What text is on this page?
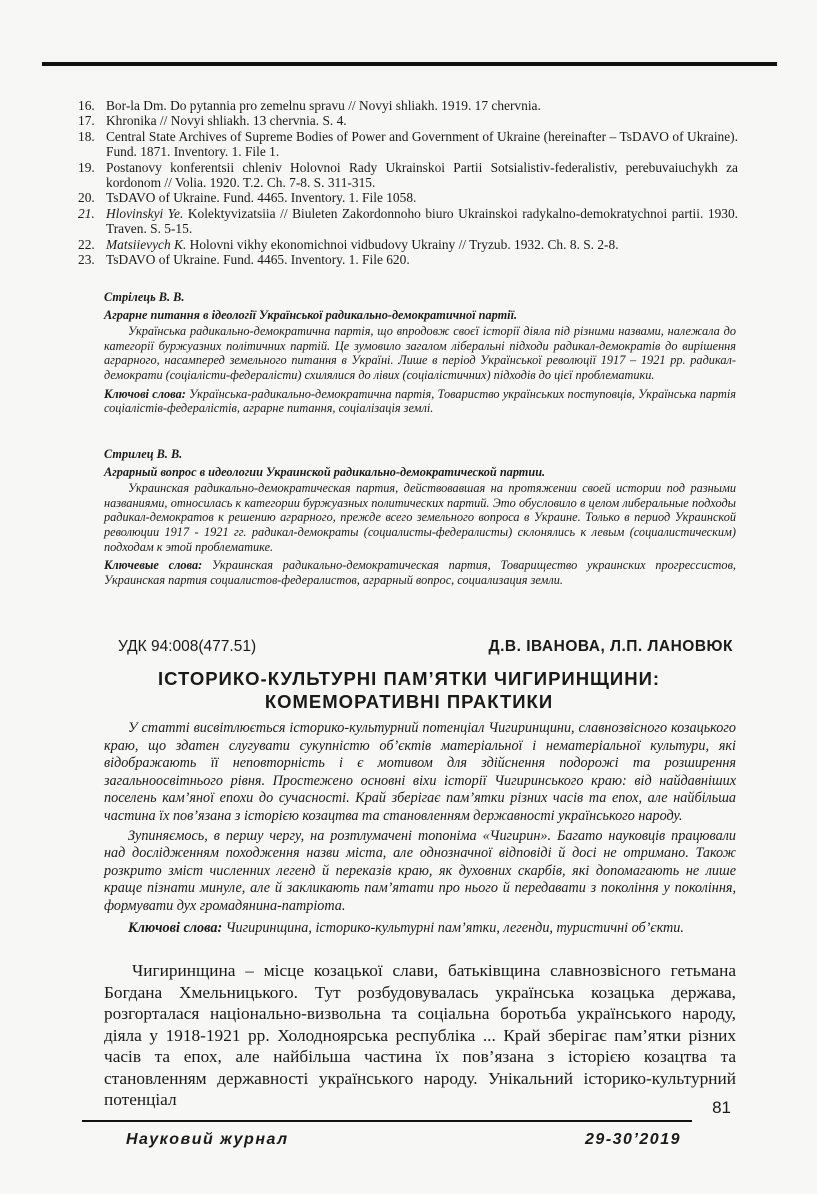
16. Bor-la Dm. Do pytannia pro zemelnu spravu // Novyi shliakh. 1919. 17 chervnia.
17. Khronika // Novyi shliakh. 13 chervnia. S. 4.
18. Central State Archives of Supreme Bodies of Power and Government of Ukraine (hereinafter – TsDAVO of Ukraine). Fund. 1871. Inventory. 1. File 1.
19. Postanovy konferentsii chleniv Holovnoi Rady Ukrainskoi Partii Sotsialistiv-federalistiv, perebuvaiuchykh za kordonom // Volia. 1920. T.2. Ch. 7-8. S. 311-315.
20. TsDAVO of Ukraine. Fund. 4465. Inventory. 1. File 1058.
21. Hlovinskyi Ye. Kolektyvizatsiia // Biuleten Zakordonnoho biuro Ukrainskoi radykalno-demokratychnoi partii. 1930. Traven. S. 5-15.
22. Matsiievych K. Holovni vikhy ekonomichnoi vidbudovy Ukrainy // Tryzub. 1932. Ch. 8. S. 2-8.
23. TsDAVO of Ukraine. Fund. 4465. Inventory. 1. File 620.

Стрілець В. В.

Аграрне питання в ідеології Української радикально-демократичної партії.

Українська радикально-демократична партія, що впродовж своєї історії діяла під різними назвами, належала до категорії буржуазних політичних партій. Це зумовило загалом ліберальні підходи радикал-демократів до вирішення аграрного, насамперед земельного питання в Україні. Лише в період Української революції 1917 – 1921 рр. радикал-демократи (соціалісти-федералісти) схилялися до лівих (соціалістичних) підходів до цієї проблематики.

Ключові слова: Українська-радикально-демократична партія, Товариство українських поступовців, Українська партія соціалістів-федералістів, аграрне питання, соціалізація землі.

Стрилец В. В.

Аграрный вопрос в идеологии Украинской радикально-демократической партии.

Украинская радикально-демократическая партия, действовавшая на протяжении своей истории под разными названиями, относилась к категории буржуазных политических партий. Это обусловило в целом либеральные подходы радикал-демократов к решению аграрного, прежде всего земельного вопроса в Украине. Только в период Украинской революции 1917 - 1921 гг. радикал-демократы (социалисты-федералисты) склонялись к левым (социалистическим) подходам к этой проблематике.

Ключевые слова: Украинская радикально-демократическая партия, Товарищество украинских прогрессистов, Украинская партия социалистов-федералистов, аграрный вопрос, социализация земли.

УДК 94:008(477.51)	Д.В. ІВАНОВА, Л.П. ЛАНОВЮК
ІСТОРИКО-КУЛЬТУРНІ ПАМ’ЯТКИ ЧИГИРИНЩИНИ:
КОМЕМОРАТИВНІ ПРАКТИКИ

У статті висвітлюється історико-культурний потенціал Чигиринщини, славнозвісного козацького краю, що здатен слугувати сукупністю об’єктів матеріальної і нематеріальної культури, які відображають її неповторність і є мотивом для здійснення подорожі та розширення загальноосвітнього рівня. Простежено основні віхи історії Чигиринського краю: від найдавніших поселень кам’яної епохи до сучасності. Край зберігає пам’ятки різних часів та епох, але найбільша частина їх пов’язана з історією козацтва та становленням державності українського народу.

Зупиняємось, в першу чергу, на розтлумачені топоніма «Чигирин». Багато науковців працювали над дослідженням походження назви міста, але однозначної відповіді й досі не отримано. Також розкрито зміст численних легенд й переказів краю, як духовних скарбів, які допомагають не лише краще пізнати минуле, але й закликають пам’ятати про нього й передавати з покоління у покоління, формувати дух громадянина-патріота.

Ключові слова: Чигиринщина, історико-культурні пам’ятки, легенди, туристичні об’єкти.

Чигиринщина – місце козацької слави, батьківщина славнозвісного гетьмана Богдана Хмельницького. Тут розбудовувалась українська козацька держава, розгорталася національно-визвольна та соціальна боротьба українського народу, діяла у 1918-1921 рр. Холодноярська республіка ... Край зберігає пам’ятки різних часів та епох, але найбільша частина їх пов’язана з історією козацтва та становленням державності українського народу. Унікальний історико-культурний потенціал	81
Науковий журнал	29-30’2019
